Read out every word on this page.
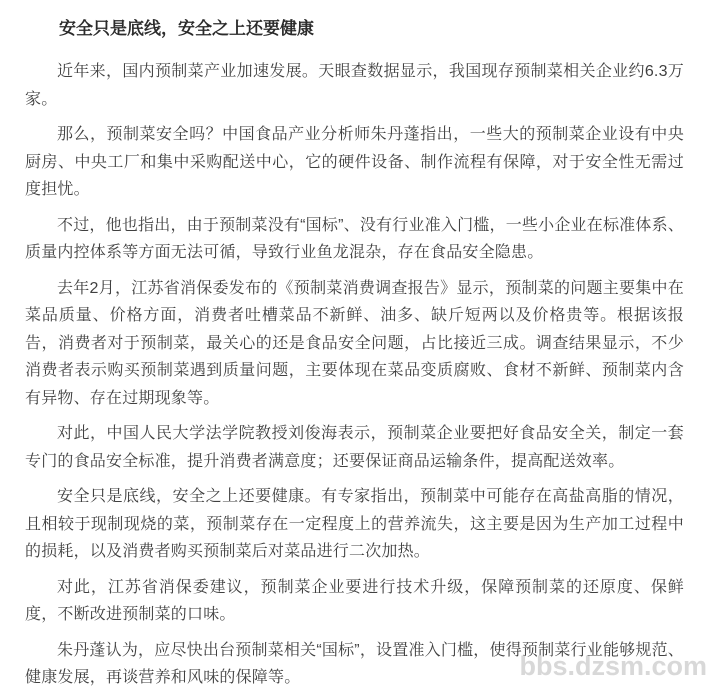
安全只是底线，安全之上还要健康

近年来，国内预制菜产业加速发展。天眼查数据显示，我国现存预制菜相关企业约6.3万家。

那么，预制菜安全吗？中国食品产业分析师朱丹蓬指出，一些大的预制菜企业设有中央厨房、中央工厂和集中采购配送中心，它的硬件设备、制作流程有保障，对于安全性无需过度担忧。

不过，他也指出，由于预制菜没有“国标”、没有行业准入门槛，一些小企业在标准体系、质量内控体系等方面无法可循，导致行业鱼龙混杂，存在食品安全隐患。

去年2月，江苏省消保委发布的《预制菜消费调查报告》显示，预制菜的问题主要集中在菜品质量、价格方面，消费者吐槽菜品不新鲜、油多、缺斤短两以及价格贵等。根据该报告，消费者对于预制菜，最关心的还是食品安全问题，占比接近三成。调查结果显示，不少消费者表示购买预制菜遇到质量问题，主要体现在菜品变质腐败、食材不新鲜、预制菜内含有异物、存在过期现象等。

对此，中国人民大学法学院教授刘俊海表示，预制菜企业要把好食品安全关，制定一套专门的食品安全标准，提升消费者满意度；还要保证商品运输条件，提高配送效率。

安全只是底线，安全之上还要健康。有专家指出，预制菜中可能存在高盐高脂的情况，且相较于现制现烧的菜，预制菜存在一定程度上的营养流失，这主要是因为生产加工过程中的损耗，以及消费者购买预制菜后对菜品进行二次加热。

对此，江苏省消保委建议，预制菜企业要进行技术升级，保障预制菜的还原度、保鲜度，不断改进预制菜的口味。

朱丹蓬认为，应尽快出台预制菜相关“国标”，设置准入门槛，使得预制菜行业能够规范、健康发展，再谈营养和风味的保障等。	bbs.dzsm.com
